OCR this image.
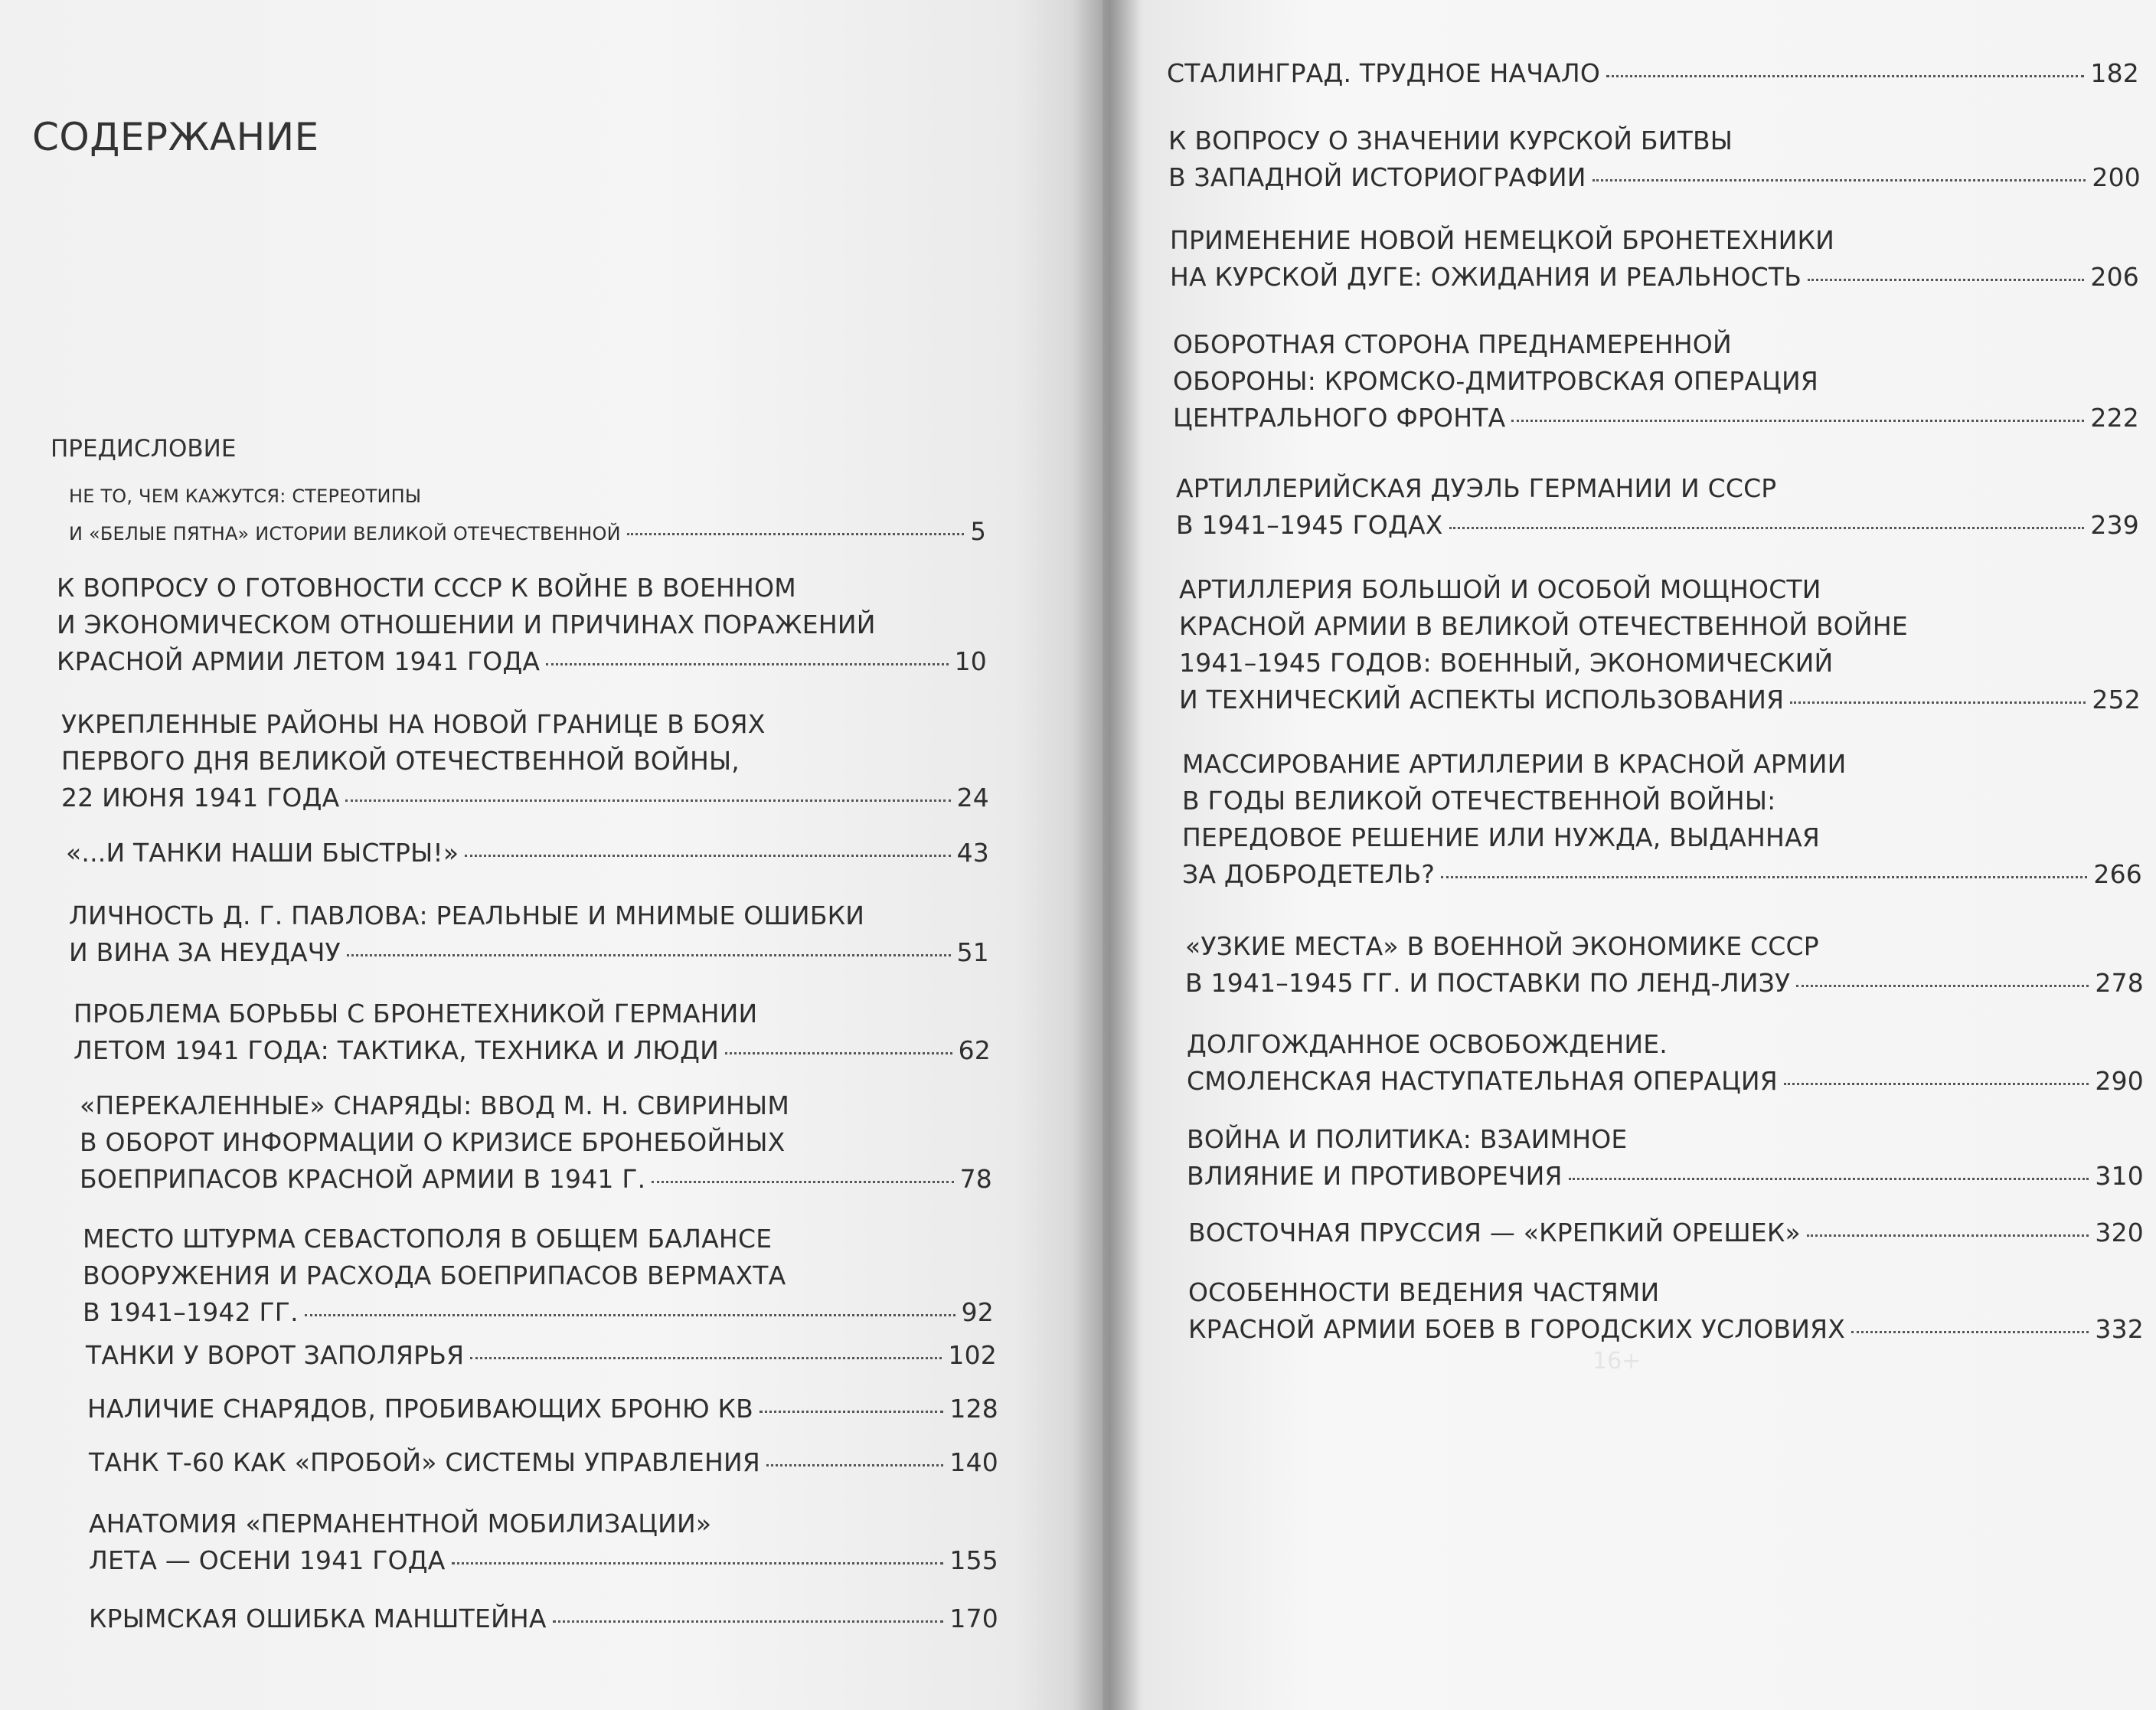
СОДЕРЖАНИЕ
ПРЕДИСЛОВИЕ
НЕ ТО, ЧЕМ КАЖУТСЯ: СТЕРЕОТИПЫ
И «БЕЛЫЕ ПЯТНА» ИСТОРИИ ВЕЛИКОЙ ОТЕЧЕСТВЕННОЙ	5
К ВОПРОСУ О ГОТОВНОСТИ СССР К ВОЙНЕ В ВОЕННОМ
И ЭКОНОМИЧЕСКОМ ОТНОШЕНИИ И ПРИЧИНАХ ПОРАЖЕНИЙ
КРАСНОЙ АРМИИ ЛЕТОМ 1941 ГОДА	10
УКРЕПЛЕННЫЕ РАЙОНЫ НА НОВОЙ ГРАНИЦЕ В БОЯХ
ПЕРВОГО ДНЯ ВЕЛИКОЙ ОТЕЧЕСТВЕННОЙ ВОЙНЫ,
22 ИЮНЯ 1941 ГОДА	24
«...И ТАНКИ НАШИ БЫСТРЫ!»	43
ЛИЧНОСТЬ Д. Г. ПАВЛОВА: РЕАЛЬНЫЕ И МНИМЫЕ ОШИБКИ
И ВИНА ЗА НЕУДАЧУ	51
ПРОБЛЕМА БОРЬБЫ С БРОНЕТЕХНИКОЙ ГЕРМАНИИ
ЛЕТОМ 1941 ГОДА: ТАКТИКА, ТЕХНИКА И ЛЮДИ	62
«ПЕРЕКАЛЕННЫЕ» СНАРЯДЫ: ВВОД М. Н. СВИРИНЫМ
В ОБОРОТ ИНФОРМАЦИИ О КРИЗИСЕ БРОНЕБОЙНЫХ
БОЕПРИПАСОВ КРАСНОЙ АРМИИ В 1941 Г.	78
МЕСТО ШТУРМА СЕВАСТОПОЛЯ В ОБЩЕМ БАЛАНСЕ
ВООРУЖЕНИЯ И РАСХОДА БОЕПРИПАСОВ ВЕРМАХТА
В 1941–1942 ГГ.	92
ТАНКИ У ВОРОТ ЗАПОЛЯРЬЯ	102
НАЛИЧИЕ СНАРЯДОВ, ПРОБИВАЮЩИХ БРОНЮ КВ	128
ТАНК Т-60 КАК «ПРОБОЙ» СИСТЕМЫ УПРАВЛЕНИЯ	140
АНАТОМИЯ «ПЕРМАНЕНТНОЙ МОБИЛИЗАЦИИ»
ЛЕТА — ОСЕНИ 1941 ГОДА	155
КРЫМСКАЯ ОШИБКА МАНШТЕЙНА	170
16+
СТАЛИНГРАД. ТРУДНОЕ НАЧАЛО	182
К ВОПРОСУ О ЗНАЧЕНИИ КУРСКОЙ БИТВЫ
В ЗАПАДНОЙ ИСТОРИОГРАФИИ	200
ПРИМЕНЕНИЕ НОВОЙ НЕМЕЦКОЙ БРОНЕТЕХНИКИ
НА КУРСКОЙ ДУГЕ: ОЖИДАНИЯ И РЕАЛЬНОСТЬ	206
ОБОРОТНАЯ СТОРОНА ПРЕДНАМЕРЕННОЙ
ОБОРОНЫ: КРОМСКО-ДМИТРОВСКАЯ ОПЕРАЦИЯ
ЦЕНТРАЛЬНОГО ФРОНТА	222
АРТИЛЛЕРИЙСКАЯ ДУЭЛЬ ГЕРМАНИИ И СССР
В 1941–1945 ГОДАХ	239
АРТИЛЛЕРИЯ БОЛЬШОЙ И ОСОБОЙ МОЩНОСТИ
КРАСНОЙ АРМИИ В ВЕЛИКОЙ ОТЕЧЕСТВЕННОЙ ВОЙНЕ
1941–1945 ГОДОВ: ВОЕННЫЙ, ЭКОНОМИЧЕСКИЙ
И ТЕХНИЧЕСКИЙ АСПЕКТЫ ИСПОЛЬЗОВАНИЯ	252
МАССИРОВАНИЕ АРТИЛЛЕРИИ В КРАСНОЙ АРМИИ
В ГОДЫ ВЕЛИКОЙ ОТЕЧЕСТВЕННОЙ ВОЙНЫ:
ПЕРЕДОВОЕ РЕШЕНИЕ ИЛИ НУЖДА, ВЫДАННАЯ
ЗА ДОБРОДЕТЕЛЬ?	266
«УЗКИЕ МЕСТА» В ВОЕННОЙ ЭКОНОМИКЕ СССР
В 1941–1945 ГГ. И ПОСТАВКИ ПО ЛЕНД-ЛИЗУ	278
ДОЛГОЖДАННОЕ ОСВОБОЖДЕНИЕ.
СМОЛЕНСКАЯ НАСТУПАТЕЛЬНАЯ ОПЕРАЦИЯ	290
ВОЙНА И ПОЛИТИКА: ВЗАИМНОЕ
ВЛИЯНИЕ И ПРОТИВОРЕЧИЯ	310
ВОСТОЧНАЯ ПРУССИЯ — «КРЕПКИЙ ОРЕШЕК»	320
ОСОБЕННОСТИ ВЕДЕНИЯ ЧАСТЯМИ
КРАСНОЙ АРМИИ БОЕВ В ГОРОДСКИХ УСЛОВИЯХ	332
